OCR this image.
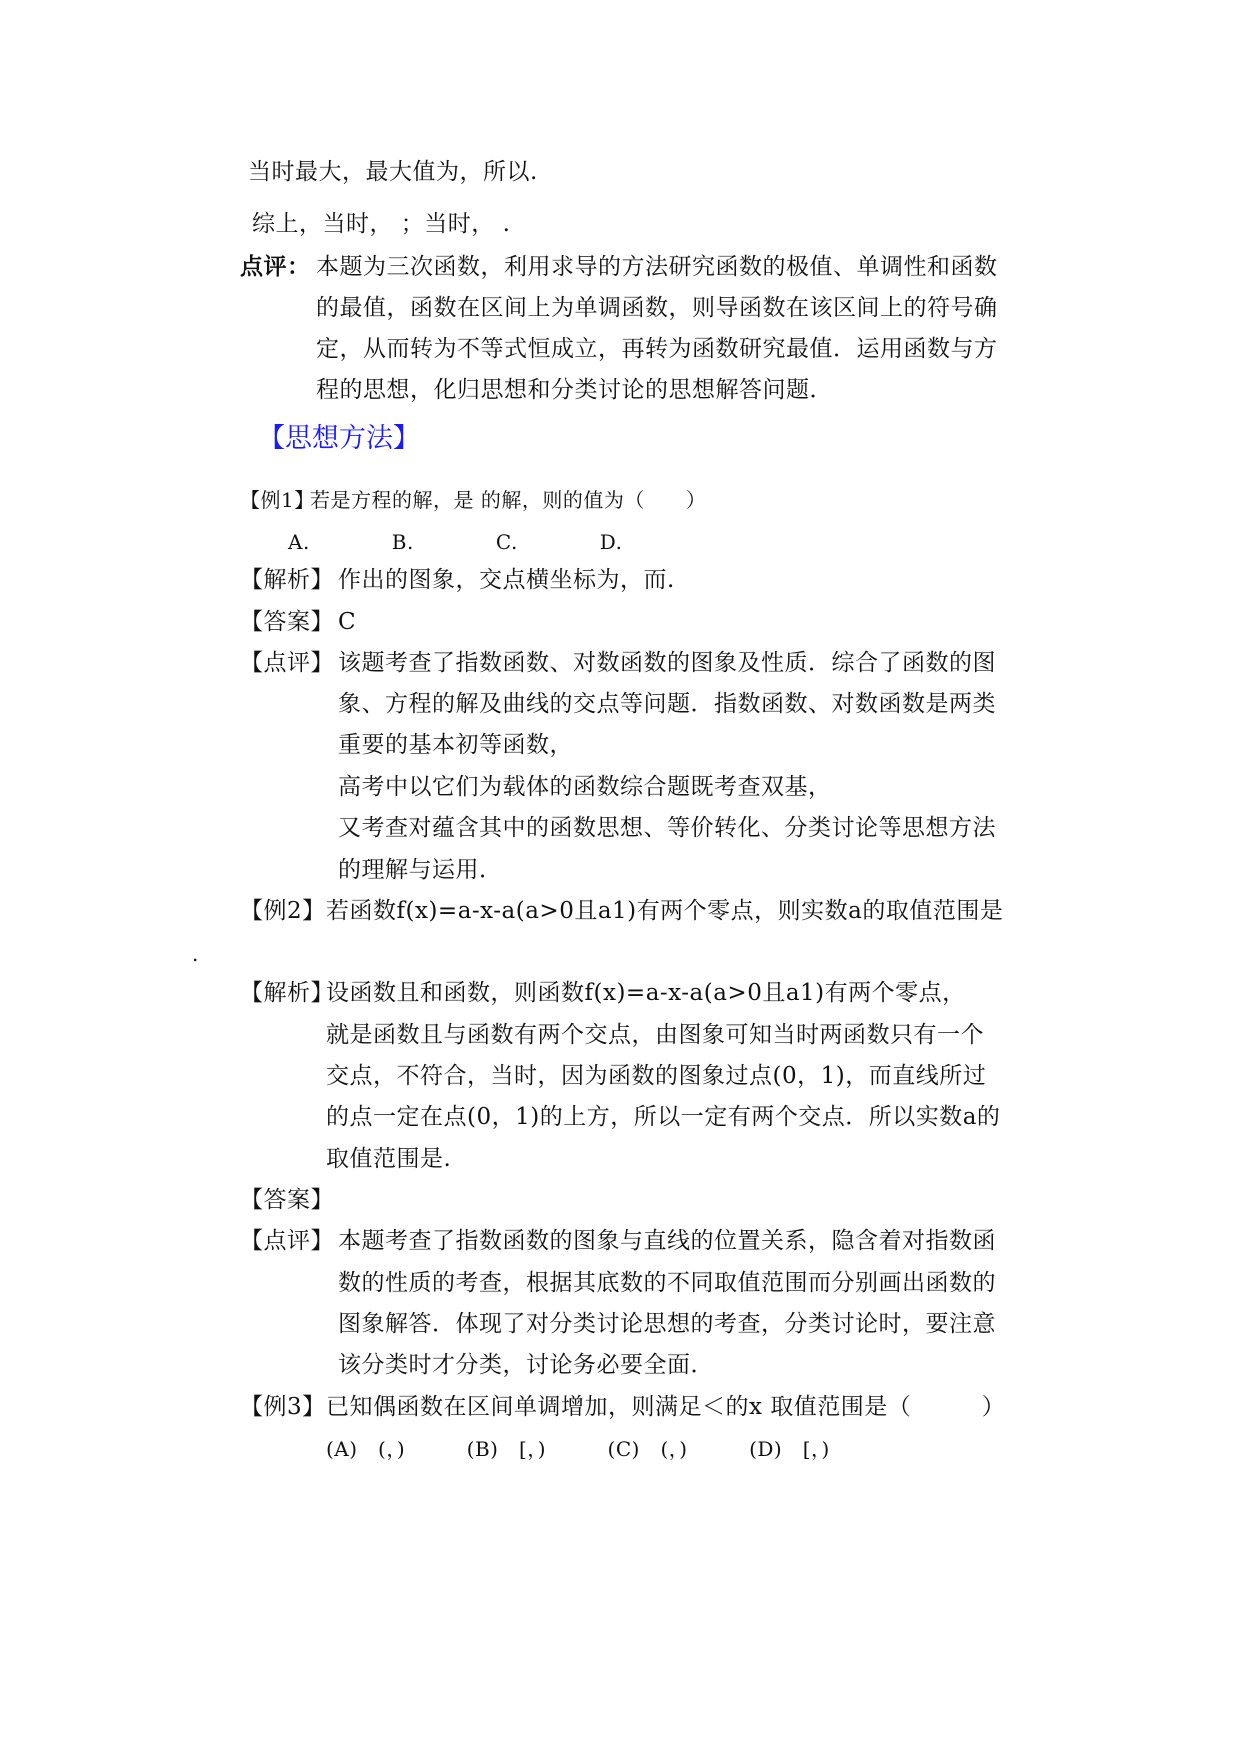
当时最大，最大值为，所以.
综上，当时， ；当时， .
点评： 本题为三次函数，利用求导的方法研究函数的极值、单调性和函数
的最值，函数在区间上为单调函数，则导函数在该区间上的符号确
定，从而转为不等式恒成立，再转为函数研究最值．运用函数与方
程的思想，化归思想和分类讨论的思想解答问题．
【思想方法】
【例1】
若是方程的解，是 的解，则的值为（　　）
A.　　　　B.　　　　C.　　　　D.
【解析】 作出的图象，交点横坐标为，而.
【答案】 C
【点评】 该题考查了指数函数、对数函数的图象及性质．综合了函数的图
象、方程的解及曲线的交点等问题．指数函数、对数函数是两类
重要的基本初等函数，
高考中以它们为载体的函数综合题既考查双基，
又考查对蕴含其中的函数思想、等价转化、分类讨论等思想方法
的理解与运用．
【例2】 若函数f(x)=a-x-a(a>0且a1)有两个零点，则实数a的取值范围是
.
【解析】
设函数且和函数，则函数f(x)=a-x-a(a>0且a1)有两个零点，
就是函数且与函数有两个交点，由图象可知当时两函数只有一个
交点，不符合，当时，因为函数的图象过点(0，1)，而直线所过
的点一定在点(0，1)的上方，所以一定有两个交点．所以实数a的
取值范围是.
【答案】
【点评】 本题考查了指数函数的图象与直线的位置关系，隐含着对指数函
数的性质的考查，根据其底数的不同取值范围而分别画出函数的
图象解答．体现了对分类讨论思想的考查，分类讨论时，要注意
该分类时才分类，讨论务必要全面．
【例3】 已知偶函数在区间单调增加，则满足＜的x 取值范围是（　　　）
(A)　(，)　　　(B)　[，)　　　(C)　(，)　　　(D)　[，)
